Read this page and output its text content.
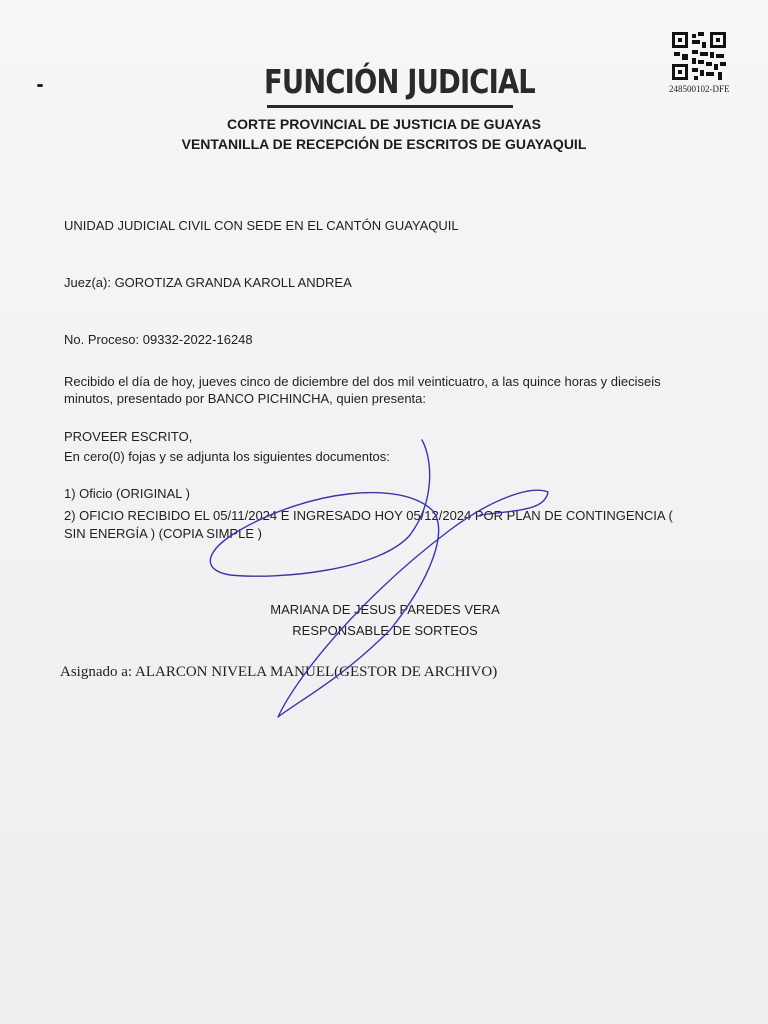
248500102-DFE
FUNCIÓN JUDICIAL
CORTE PROVINCIAL DE JUSTICIA DE GUAYAS
VENTANILLA DE RECEPCIÓN DE ESCRITOS DE GUAYAQUIL
UNIDAD JUDICIAL CIVIL CON SEDE EN EL CANTÓN GUAYAQUIL
Juez(a): GOROTIZA GRANDA KAROLL ANDREA
No. Proceso: 09332-2022-16248
Recibido el día de hoy, jueves cinco de diciembre del dos mil veinticuatro, a las quince horas y dieciseis
minutos, presentado por BANCO PICHINCHA, quien presenta:
PROVEER ESCRITO,
En cero(0) fojas y se adjunta los siguientes documentos:
1) Oficio (ORIGINAL )
2) OFICIO RECIBIDO EL 05/11/2024 E INGRESADO HOY 05/12/2024 POR PLAN DE CONTINGENCIA (
SIN ENERGÍA ) (COPIA SIMPLE )
MARIANA DE JESUS PAREDES VERA
RESPONSABLE DE SORTEOS
Asignado a: ALARCON NIVELA MANUEL(GESTOR DE ARCHIVO)
